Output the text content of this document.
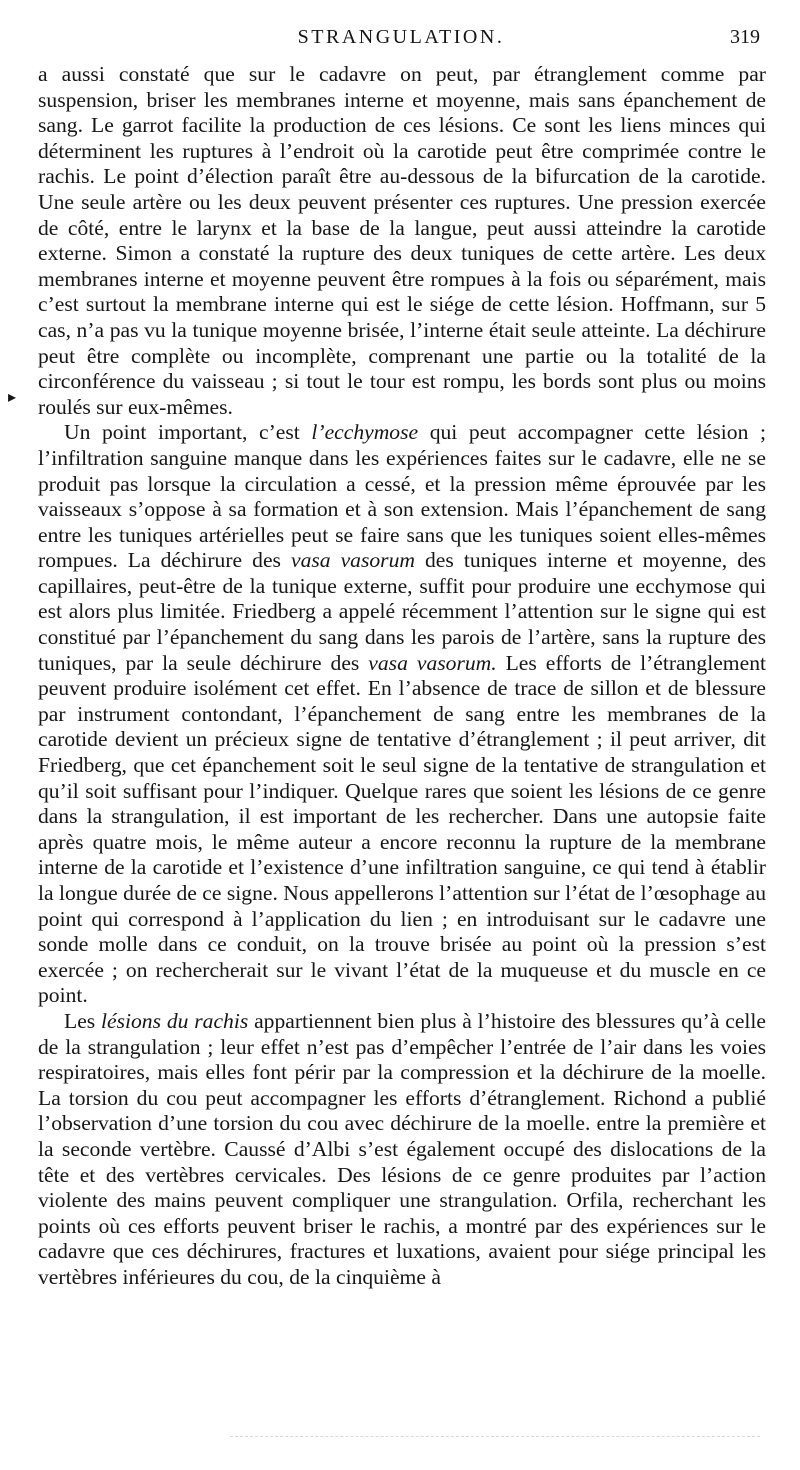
STRANGULATION.	319
▸

a aussi constaté que sur le cadavre on peut, par étranglement comme par suspension, briser les membranes interne et moyenne, mais sans épanchement de sang. Le garrot facilite la production de ces lésions. Ce sont les liens minces qui déterminent les ruptures à l’endroit où la carotide peut être comprimée contre le rachis. Le point d’élection paraît être au-dessous de la bifurcation de la carotide. Une seule artère ou les deux peuvent présenter ces ruptures. Une pression exercée de côté, entre le larynx et la base de la langue, peut aussi atteindre la carotide externe. Simon a constaté la rupture des deux tuniques de cette artère. Les deux membranes interne et moyenne peuvent être rompues à la fois ou séparément, mais c’est surtout la membrane interne qui est le siége de cette lésion. Hoffmann, sur 5 cas, n’a pas vu la tunique moyenne brisée, l’interne était seule atteinte. La déchirure peut être complète ou incomplète, comprenant une partie ou la totalité de la circonférence du vaisseau ; si tout le tour est rompu, les bords sont plus ou moins roulés sur eux-mêmes.

Un point important, c’est l’ecchymose qui peut accompagner cette lésion ; l’infiltration sanguine manque dans les expériences faites sur le cadavre, elle ne se produit pas lorsque la circulation a cessé, et la pression même éprouvée par les vaisseaux s’oppose à sa formation et à son extension. Mais l’épanchement de sang entre les tuniques artérielles peut se faire sans que les tuniques soient elles-mêmes rompues. La déchirure des vasa vasorum des tuniques interne et moyenne, des capillaires, peut-être de la tunique externe, suffit pour produire une ecchymose qui est alors plus limitée. Friedberg a appelé récemment l’attention sur le signe qui est constitué par l’épanchement du sang dans les parois de l’artère, sans la rupture des tuniques, par la seule déchirure des vasa vasorum. Les efforts de l’étranglement peuvent produire isolément cet effet. En l’absence de trace de sillon et de blessure par instrument contondant, l’épanchement de sang entre les membranes de la carotide devient un précieux signe de tentative d’étranglement ; il peut arriver, dit Friedberg, que cet épanchement soit le seul signe de la tentative de strangulation et qu’il soit suffisant pour l’indiquer. Quelque rares que soient les lésions de ce genre dans la strangulation, il est important de les rechercher. Dans une autopsie faite après quatre mois, le même auteur a encore reconnu la rupture de la membrane interne de la carotide et l’existence d’une infiltration sanguine, ce qui tend à établir la longue durée de ce signe. Nous appellerons l’attention sur l’état de l’œsophage au point qui correspond à l’application du lien ; en introduisant sur le cadavre une sonde molle dans ce conduit, on la trouve brisée au point où la pression s’est exercée ; on rechercherait sur le vivant l’état de la muqueuse et du muscle en ce point.

Les lésions du rachis appartiennent bien plus à l’histoire des blessures qu’à celle de la strangulation ; leur effet n’est pas d’empêcher l’entrée de l’air dans les voies respiratoires, mais elles font périr par la compression et la déchirure de la moelle. La torsion du cou peut accompagner les efforts d’étranglement. Richond a publié l’observation d’une torsion du cou avec déchirure de la moelle. entre la première et la seconde vertèbre. Caussé d’Albi s’est également occupé des dislocations de la tête et des vertèbres cervicales. Des lésions de ce genre produites par l’action violente des mains peuvent compliquer une strangulation. Orfila, recherchant les points où ces efforts peuvent briser le rachis, a montré par des expériences sur le cadavre que ces déchirures, fractures et luxations, avaient pour siége principal les vertèbres inférieures du cou, de la cinquième à
